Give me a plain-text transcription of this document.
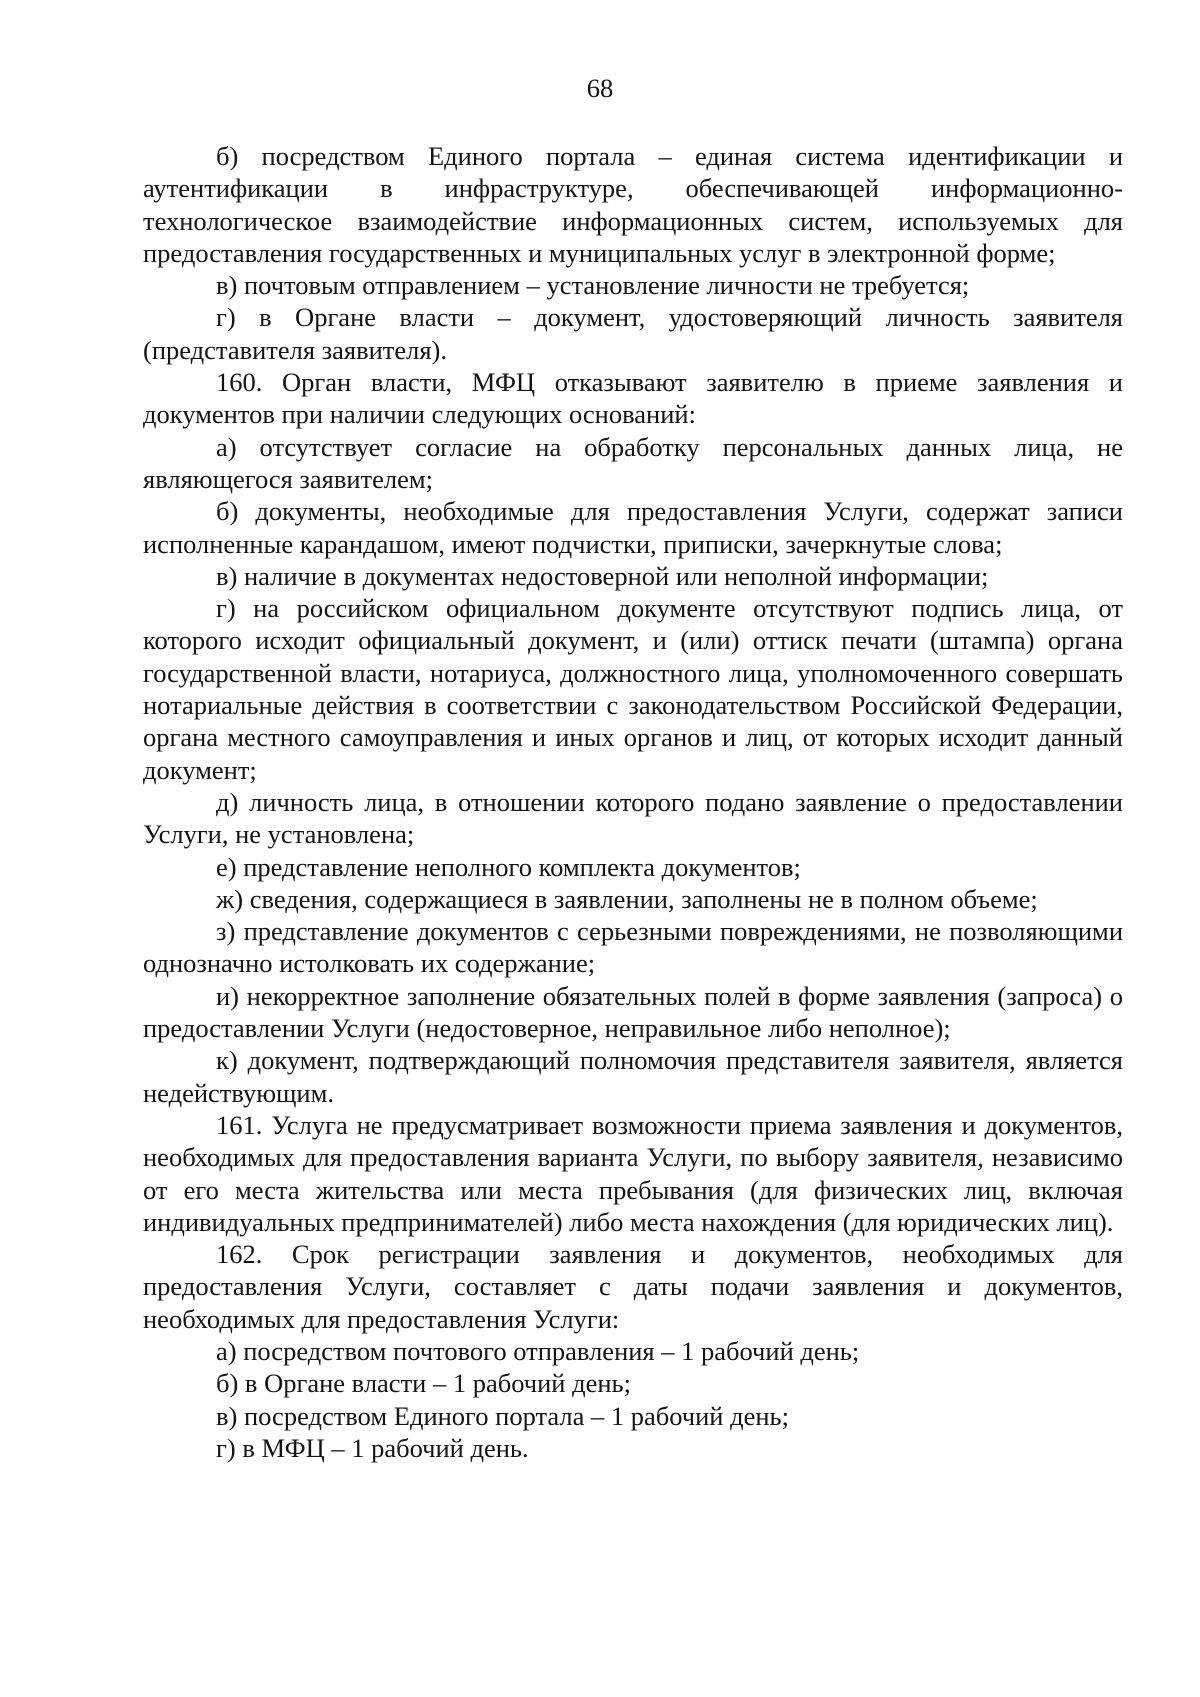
68

б) посредством Единого портала – единая система идентификации и аутентификации в инфраструктуре, обеспечивающей информационно-технологическое взаимодействие информационных систем, используемых для предоставления государственных и муниципальных услуг в электронной форме;

в) почтовым отправлением – установление личности не требуется;

г) в Органе власти – документ, удостоверяющий личность заявителя (представителя заявителя).

160. Орган власти, МФЦ отказывают заявителю в приеме заявления и документов при наличии следующих оснований:

а) отсутствует согласие на обработку персональных данных лица, не являющегося заявителем;

б) документы, необходимые для предоставления Услуги, содержат записи исполненные карандашом, имеют подчистки, приписки, зачеркнутые слова;

в) наличие в документах недостоверной или неполной информации;

г) на российском официальном документе отсутствуют подпись лица, от которого исходит официальный документ, и (или) оттиск печати (штампа) органа государственной власти, нотариуса, должностного лица, уполномоченного совершать нотариальные действия в соответствии с законодательством Российской Федерации, органа местного самоуправления и иных органов и лиц, от которых исходит данный документ;

д) личность лица, в отношении которого подано заявление о предоставлении Услуги, не установлена;

е) представление неполного комплекта документов;

ж) сведения, содержащиеся в заявлении, заполнены не в полном объеме;

з) представление документов с серьезными повреждениями, не позволяющими однозначно истолковать их содержание;

и) некорректное заполнение обязательных полей в форме заявления (запроса) о предоставлении Услуги (недостоверное, неправильное либо неполное);

к) документ, подтверждающий полномочия представителя заявителя, является недействующим.

161. Услуга не предусматривает возможности приема заявления и документов, необходимых для предоставления варианта Услуги, по выбору заявителя, независимо от его места жительства или места пребывания (для физических лиц, включая индивидуальных предпринимателей) либо места нахождения (для юридических лиц).

162. Срок регистрации заявления и документов, необходимых для предоставления Услуги, составляет с даты подачи заявления и документов, необходимых для предоставления Услуги:

а) посредством почтового отправления – 1 рабочий день;

б) в Органе власти – 1 рабочий день;

в) посредством Единого портала – 1 рабочий день;

г) в МФЦ – 1 рабочий день.
